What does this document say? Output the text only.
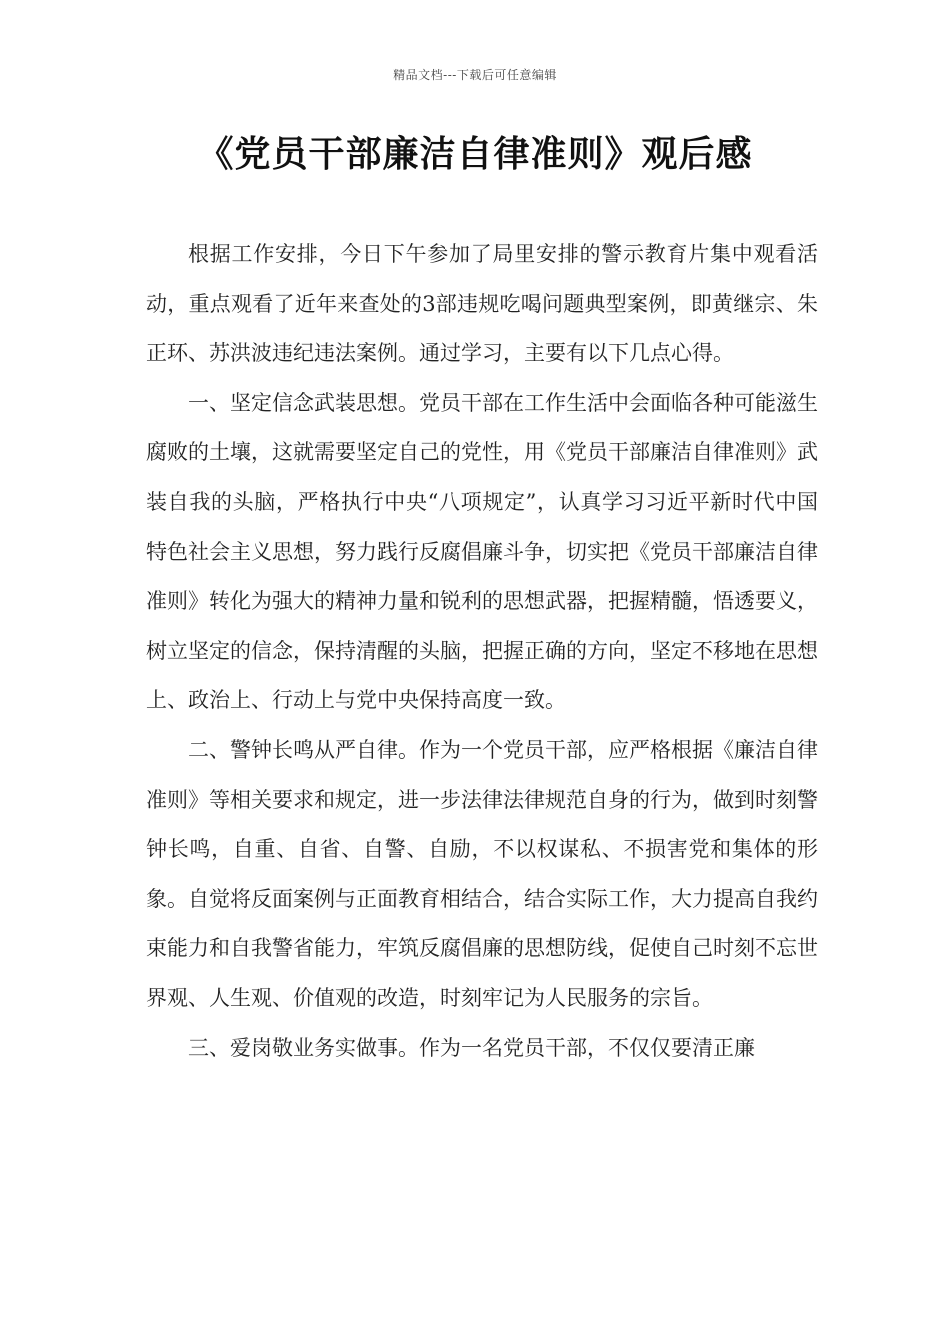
精品文档---下载后可任意编辑
《党员干部廉洁自律准则》观后感

根据工作安排，今日下午参加了局里安排的警示教育片集中观看活动，重点观看了近年来查处的3部违规吃喝问题典型案例，即黄继宗、朱正环、苏洪波违纪违法案例。通过学习，主要有以下几点心得。

一、坚定信念武装思想。党员干部在工作生活中会面临各种可能滋生腐败的土壤，这就需要坚定自己的党性，用《党员干部廉洁自律准则》武装自我的头脑，严格执行中央“八项规定”，认真学习习近平新时代中国特色社会主义思想，努力践行反腐倡廉斗争，切实把《党员干部廉洁自律准则》转化为强大的精神力量和锐利的思想武器，把握精髓，悟透要义，树立坚定的信念，保持清醒的头脑，把握正确的方向，坚定不移地在思想上、政治上、行动上与党中央保持高度一致。

二、警钟长鸣从严自律。作为一个党员干部，应严格根据《廉洁自律准则》等相关要求和规定，进一步法律法律规范自身的行为，做到时刻警钟长鸣，自重、自省、自警、自励，不以权谋私、不损害党和集体的形象。自觉将反面案例与正面教育相结合，结合实际工作，大力提高自我约束能力和自我警省能力，牢筑反腐倡廉的思想防线，促使自己时刻不忘世界观、人生观、价值观的改造，时刻牢记为人民服务的宗旨。

三、爱岗敬业务实做事。作为一名党员干部，不仅仅要清正廉
